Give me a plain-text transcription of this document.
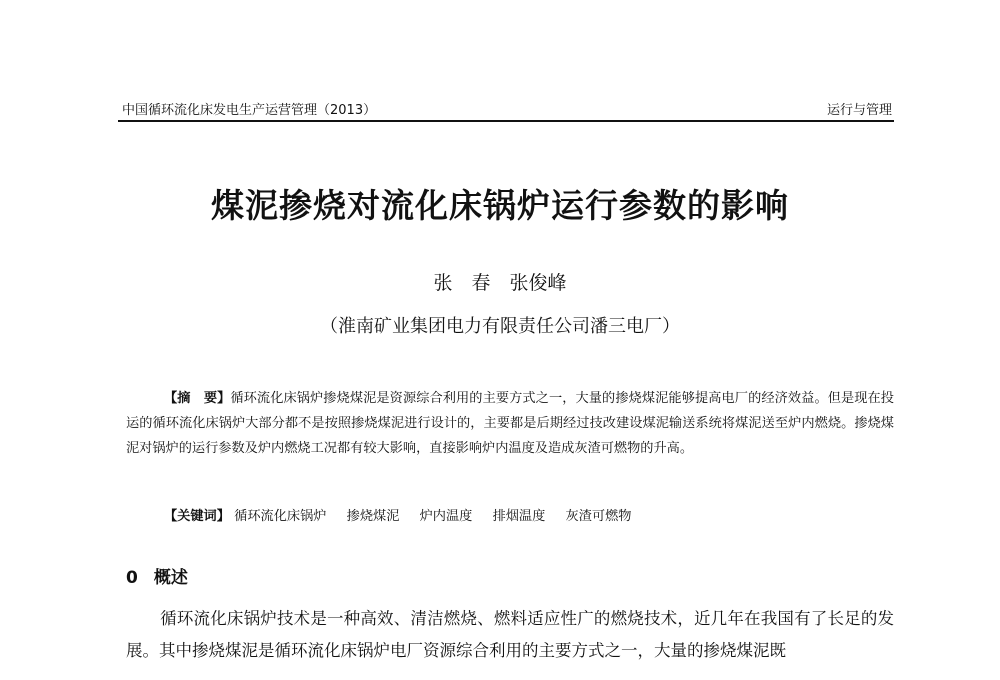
中国循环流化床发电生产运营管理（2013）	运行与管理
煤泥掺烧对流化床锅炉运行参数的影响
张　春　张俊峰
（淮南矿业集团电力有限责任公司潘三电厂）
【摘　要】循环流化床锅炉掺烧煤泥是资源综合利用的主要方式之一，大量的掺烧煤泥能够提高电厂的经济效益。但是现在投运的循环流化床锅炉大部分都不是按照掺烧煤泥进行设计的，主要都是后期经过技改建设煤泥输送系统将煤泥送至炉内燃烧。掺烧煤泥对锅炉的运行参数及炉内燃烧工况都有较大影响，直接影响炉内温度及造成灰渣可燃物的升高。
【关键词】 循环流化床锅炉 掺烧煤泥 炉内温度 排烟温度 灰渣可燃物
0 概述
循环流化床锅炉技术是一种高效、清洁燃烧、燃料适应性广的燃烧技术，近几年在我国有了长足的发展。其中掺烧煤泥是循环流化床锅炉电厂资源综合利用的主要方式之一，大量的掺烧煤泥既
